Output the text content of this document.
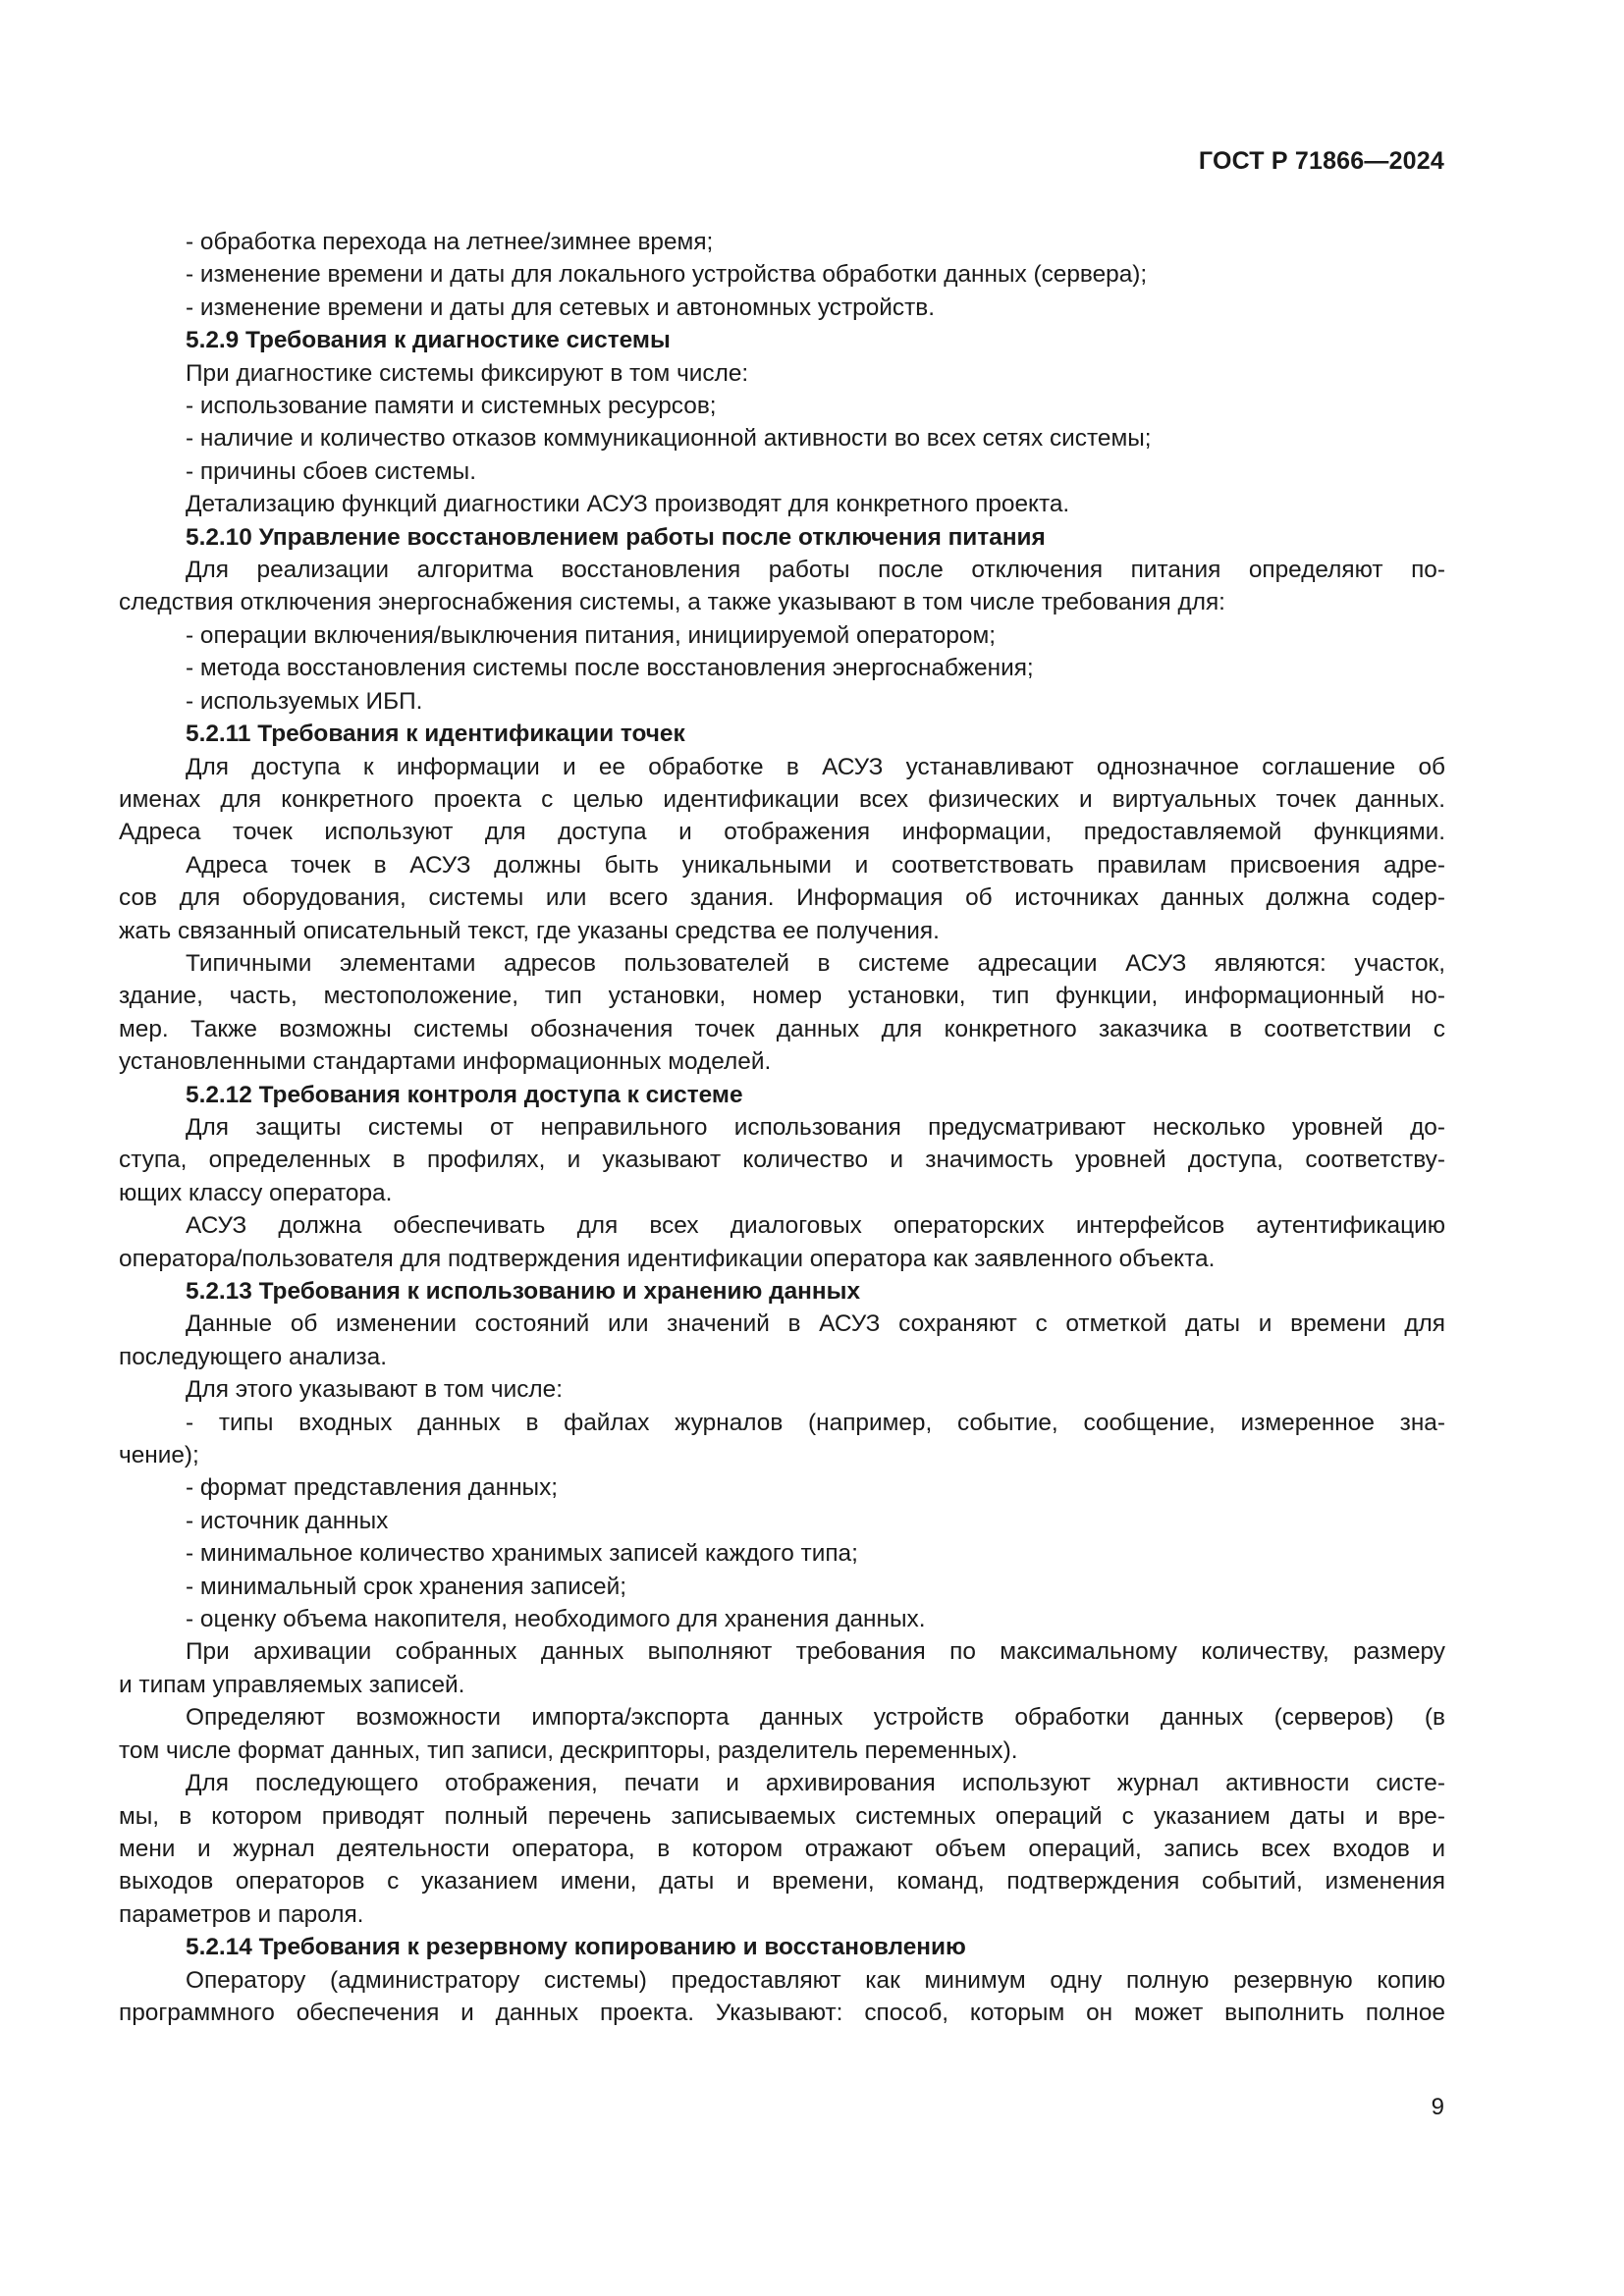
ГОСТ Р 71866—2024

- обработка перехода на летнее/зимнее время;

- изменение времени и даты для локального устройства обработки данных (сервера);

- изменение времени и даты для сетевых и автономных устройств.

5.2.9 Требования к диагностике системы

При диагностике системы фиксируют в том числе:

- использование памяти и системных ресурсов;

- наличие и количество отказов коммуникационной активности во всех сетях системы;

- причины сбоев системы.

Детализацию функций диагностики АСУЗ производят для конкретного проекта.

5.2.10 Управление восстановлением работы после отключения питания

Для реализации алгоритма восстановления работы после отключения питания определяют по-

следствия отключения энергоснабжения системы, а также указывают в том числе требования для:

- операции включения/выключения питания, инициируемой оператором;

- метода восстановления системы после восстановления энергоснабжения;

- используемых ИБП.

5.2.11 Требования к идентификации точек

Для доступа к информации и ее обработке в АСУЗ устанавливают однозначное соглашение об

именах для конкретного проекта с целью идентификации всех физических и виртуальных точек данных.

Адреса точек используют для доступа и отображения информации, предоставляемой функциями.

Адреса точек в АСУЗ должны быть уникальными и соответствовать правилам присвоения адре-

сов для оборудования, системы или всего здания. Информация об источниках данных должна содер-

жать связанный описательный текст, где указаны средства ее получения.

Типичными элементами адресов пользователей в системе адресации АСУЗ являются: участок,

здание, часть, местоположение, тип установки, номер установки, тип функции, информационный но-

мер. Также возможны системы обозначения точек данных для конкретного заказчика в соответствии с

установленными стандартами информационных моделей.

5.2.12 Требования контроля доступа к системе

Для защиты системы от неправильного использования предусматривают несколько уровней до-

ступа, определенных в профилях, и указывают количество и значимость уровней доступа, соответству-

ющих классу оператора.

АСУЗ должна обеспечивать для всех диалоговых операторских интерфейсов аутентификацию

оператора/пользователя для подтверждения идентификации оператора как заявленного объекта.

5.2.13 Требования к использованию и хранению данных

Данные об изменении состояний или значений в АСУЗ сохраняют с отметкой даты и времени для

последующего анализа.

Для этого указывают в том числе:

- типы входных данных в файлах журналов (например, событие, сообщение, измеренное зна-

чение);

- формат представления данных;

- источник данных

- минимальное количество хранимых записей каждого типа;

- минимальный срок хранения записей;

- оценку объема накопителя, необходимого для хранения данных.

При архивации собранных данных выполняют требования по максимальному количеству, размеру

и типам управляемых записей.

Определяют возможности импорта/экспорта данных устройств обработки данных (серверов) (в

том числе формат данных, тип записи, дескрипторы, разделитель переменных).

Для последующего отображения, печати и архивирования используют журнал активности систе-

мы, в котором приводят полный перечень записываемых системных операций с указанием даты и вре-

мени и журнал деятельности оператора, в котором отражают объем операций, запись всех входов и

выходов операторов с указанием имени, даты и времени, команд, подтверждения событий, изменения

параметров и пароля.

5.2.14 Требования к резервному копированию и восстановлению

Оператору (администратору системы) предоставляют как минимум одну полную резервную копию

программного обеспечения и данных проекта. Указывают: способ, которым он может выполнить полное

9
